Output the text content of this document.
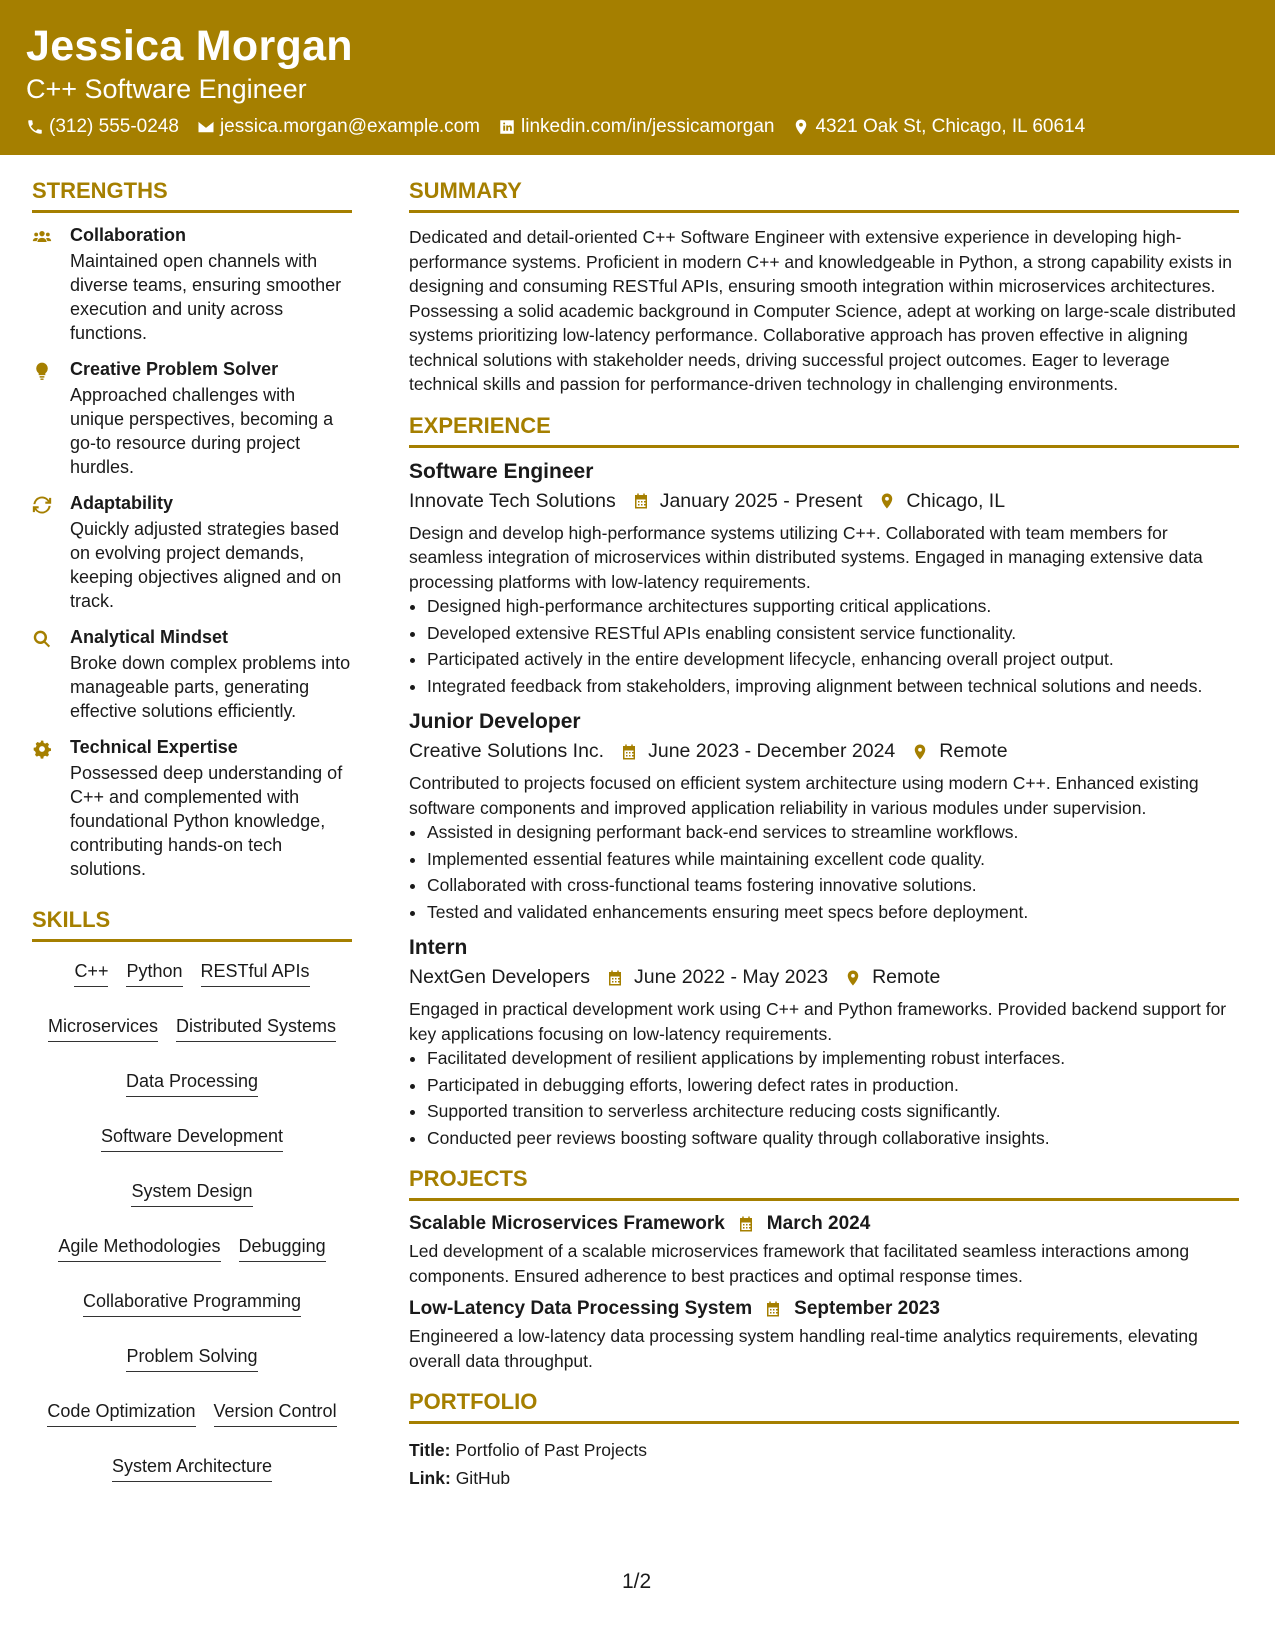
Jessica Morgan
C++ Software Engineer
(312) 555-0248 jessica.morgan@example.com linkedin.com/in/jessicamorgan 4321 Oak St, Chicago, IL 60614
STRENGTHS
Collaboration
Maintained open channels with diverse teams, ensuring smoother execution and unity across functions.
Creative Problem Solver
Approached challenges with unique perspectives, becoming a go-to resource during project hurdles.
Adaptability
Quickly adjusted strategies based on evolving project demands, keeping objectives aligned and on track.
Analytical Mindset
Broke down complex problems into manageable parts, generating effective solutions efficiently.
Technical Expertise
Possessed deep understanding of C++ and complemented with foundational Python knowledge, contributing hands-on tech solutions.
SKILLS
C++ Python RESTful APIs
Microservices Distributed Systems
Data Processing
Software Development
System Design
Agile Methodologies Debugging
Collaborative Programming
Problem Solving
Code Optimization Version Control
System Architecture
SUMMARY
Dedicated and detail-oriented C++ Software Engineer with extensive experience in developing high-performance systems. Proficient in modern C++ and knowledgeable in Python, a strong capability exists in designing and consuming RESTful APIs, ensuring smooth integration within microservices architectures. Possessing a solid academic background in Computer Science, adept at working on large-scale distributed systems prioritizing low-latency performance. Collaborative approach has proven effective in aligning technical solutions with stakeholder needs, driving successful project outcomes. Eager to leverage technical skills and passion for performance-driven technology in challenging environments.
EXPERIENCE
Software Engineer
Innovate Tech Solutions January 2025 - Present Chicago, IL
Design and develop high-performance systems utilizing C++. Collaborated with team members for seamless integration of microservices within distributed systems. Engaged in managing extensive data processing platforms with low-latency requirements.
• Designed high-performance architectures supporting critical applications.
• Developed extensive RESTful APIs enabling consistent service functionality.
• Participated actively in the entire development lifecycle, enhancing overall project output.
• Integrated feedback from stakeholders, improving alignment between technical solutions and needs.
Junior Developer
Creative Solutions Inc. June 2023 - December 2024 Remote
Contributed to projects focused on efficient system architecture using modern C++. Enhanced existing software components and improved application reliability in various modules under supervision.
• Assisted in designing performant back-end services to streamline workflows.
• Implemented essential features while maintaining excellent code quality.
• Collaborated with cross-functional teams fostering innovative solutions.
• Tested and validated enhancements ensuring meet specs before deployment.
Intern
NextGen Developers June 2022 - May 2023 Remote
Engaged in practical development work using C++ and Python frameworks. Provided backend support for key applications focusing on low-latency requirements.
• Facilitated development of resilient applications by implementing robust interfaces.
• Participated in debugging efforts, lowering defect rates in production.
• Supported transition to serverless architecture reducing costs significantly.
• Conducted peer reviews boosting software quality through collaborative insights.
PROJECTS
Scalable Microservices Framework March 2024
Led development of a scalable microservices framework that facilitated seamless interactions among components. Ensured adherence to best practices and optimal response times.
Low-Latency Data Processing System September 2023
Engineered a low-latency data processing system handling real-time analytics requirements, elevating overall data throughput.
PORTFOLIO
Title: Portfolio of Past Projects
Link: GitHub
1/2
